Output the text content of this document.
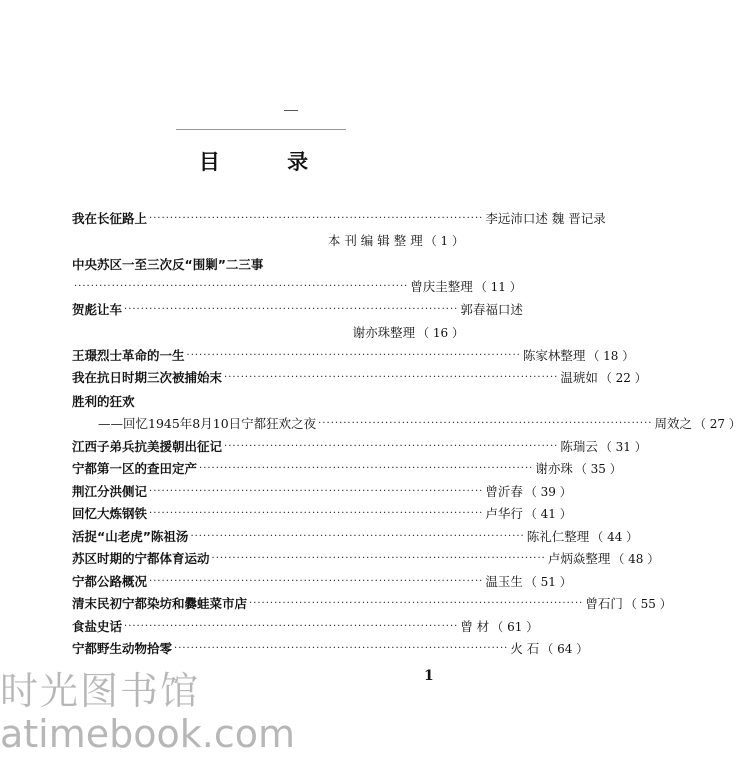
目 录
我在长征路上 ················································································ 李远沛口述 魏 晋记录
本 刊 编 辑 整 理 （ 1 ）
中央苏区一至三次反“围剿”二三事
················································································ 曾庆圭整理 （ 11 ）
贺彪让车 ················································································ 郭春福口述
谢亦珠整理 （ 16 ）
王璟烈士革命的一生 ················································································ 陈家林整理 （ 18 ）
我在抗日时期三次被捕始末 ················································································ 温琥如 （ 22 ）
胜利的狂欢
——回忆1945年8月10日宁都狂欢之夜 ················································································ 周效之 （ 27 ）
江西子弟兵抗美援朝出征记 ················································································ 陈瑞云 （ 31 ）
宁都第一区的查田定产 ················································································ 谢亦珠 （ 35 ）
荆江分洪侧记 ················································································ 曾沂春 （ 39 ）
回忆大炼钢铁 ················································································ 卢华行 （ 41 ）
活捉“山老虎”陈祖汤 ················································································ 陈礼仁整理 （ 44 ）
苏区时期的宁都体育运动 ················································································ 卢炳焱整理 （ 48 ）
宁都公路概况 ················································································ 温玉生 （ 51 ）
清末民初宁都染坊和爨蛙菜市店 ················································································ 曾石门 （ 55 ）
食盐史话 ················································································ 曾 材 （ 61 ）
宁都野生动物拾零 ················································································ 火 石 （ 64 ）
1
时光图书馆
atimebook.com
